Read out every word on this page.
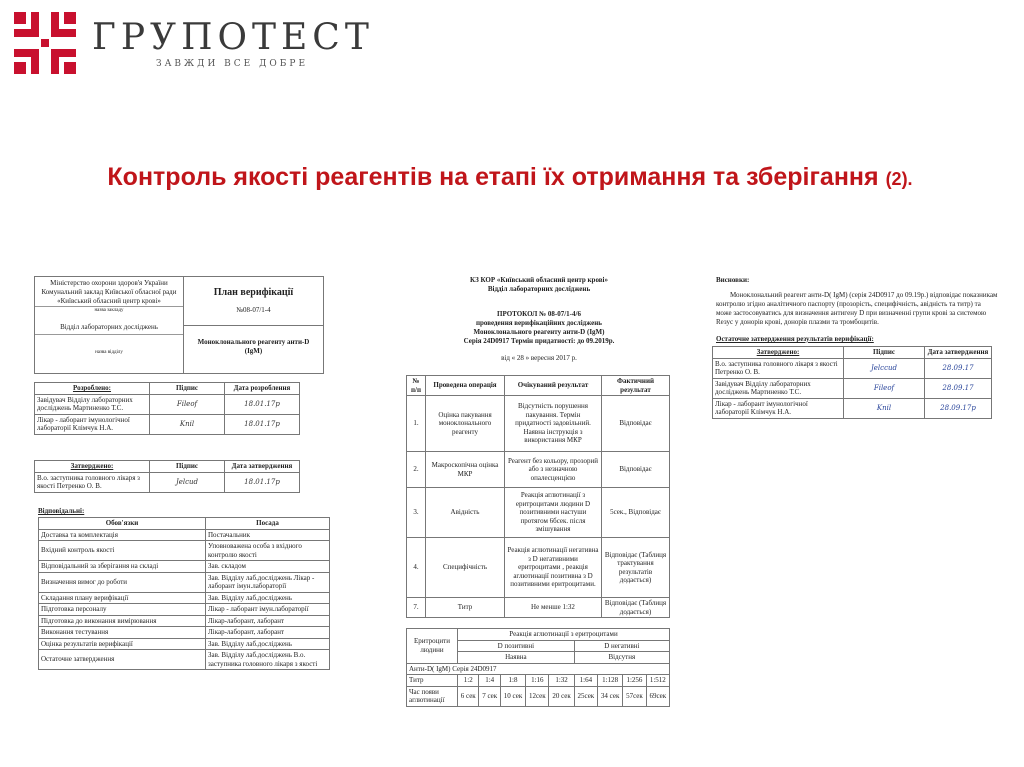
ГРУПОТЕСТ
ЗАВЖДИ ВСЕ ДОБРЕ
Контроль якості реагентів на етапі їх отримання та зберігання (2).
Міністерство охорони здоров'я України
Комунальний заклад Київської обласної ради «Київський обласний центр крові»
назва закладу
Відділ лабораторних досліджень
назва відділу
План верифікації
№08-07/1-4
Моноклонального реагенту анти-D (IgM)
Розроблено:	Підпис	Дата розроблення
Завідувач Відділу лабораторних досліджень Мартиненко Т.С.	Fileof	18.01.17р
Лікар - лаборант імунологічної лабораторії Клімчук Н.А.	Knil	18.01.17р
Затверджено:	Підпис	Дата затвердження
В.о. заступника головного лікаря з якості Петренко О. В.	Jelcud	18.01.17р
Відповідальні:
Обов'язки	Посада
Доставка та комплектація	Постачальник
Вхідний контроль якості	Уповноважена особа з вхідного контролю якості
Відповідальний за зберігання на складі	Зав. складом
Визначення вимог до роботи	Зав. Відділу лаб.досліджень Лікар - лаборант імун.лабораторії
Складання плану верифікації	Зав. Відділу лаб.досліджень
Підготовка персоналу	Лікар - лаборант імун.лабораторії
Підготовка до виконання вимірювання	Лікар-лаборант, лаборант
Виконання тестування	Лікар-лаборант, лаборант
Оцінка результатів верифікації	Зав. Відділу лаб.досліджень
Остаточне затвердження	Зав. Відділу лаб.досліджень В.о. заступника головного лікаря з якості
КЗ КОР «Київський обласний центр крові»
Відділ лабораторних досліджень
ПРОТОКОЛ № 08-07/1-4/6
проведення верифікаційних досліджень
Моноклонального реагенту анти-D (IgM)
Серія 24D0917 Термін придатності: до 09.2019р.
від « 28 » вересня 2017 р.
№ п/п	Проведена операція	Очікуваний результат	Фактичний результат
1.	Оцінка пакування моноклонального реагенту	Відсутність порушення пакування. Термін придатності задовільний. Наявна інструкція з використання МКР	Відповідає
2.	Макроскопічна оцінка МКР	Реагент без кольору, прозорий або з незначною опалесценцією	Відповідає
3.	Авідність	Реакція аглютинації з еритроцитами людини D позитивними настуши протягом 6бсек. після змішування	5сек., Відповідає
4.	Специфічність	Реакція аглютинації негативна з D негативними еритроцитами , реакція аглютинації позитивна з D позитивними еритроцитами.	Відповідає (Таблиця трактування результатів додається)
7.	Титр	Не менше 1:32	Відповідає (Таблиця додається)
Еритроцити людини	Реакція аглютинації з еритроцитами								
	D позитивні					D негативні			
	Наявна					Відсутня			
Анти-D( IgM) Серія 24D0917									
Титр	1:2	1:4	1:8	1:16	1:32	1:64	1:128	1:256	1:512
Час появи аглютинації	6 сек	7 сек	10 сек	12сек	20 сек	25сек	34 сек	57сек	69сек
Висновки:
Моноклональний реагент анти-D( IgM) (серія 24D0917 до 09.19р.) відповідає показникам контролю згідно аналітичного паспорту (прозорість, специфічність, авідність та титр) та може застосовуватись для визначення антигену D при визначенні групи крові за системою Rезус у донорів крові, донорів плазми та тромбоцитів.
Остаточне затвердження результатів верифікації:
Затверджено:	Підпис	Дата затвердження
В.о. заступника головного лікаря з якості Петренко О. В.	Jelccud	28.09.17
Завідувач Відділу лабораторних досліджень Мартиненко Т.С.	Fileof	28.09.17
Лікар - лаборант імунологічної лабораторії Клімчук Н.А.	Knil	28.09.17р
